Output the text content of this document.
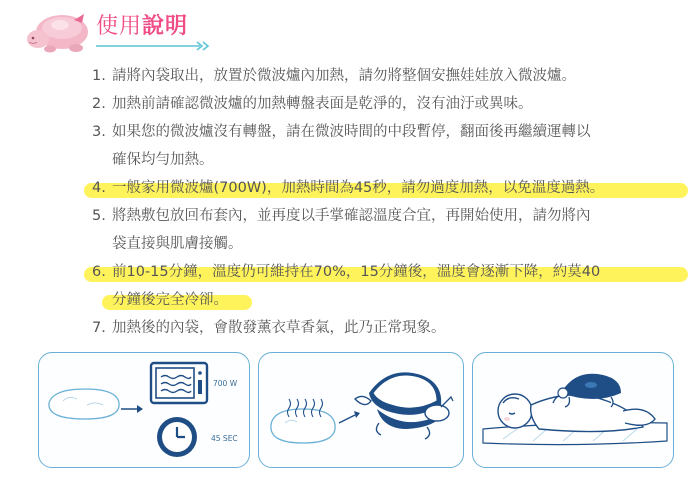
使用說明
1. 請將內袋取出，放置於微波爐內加熱，請勿將整個安撫娃娃放入微波爐。
2. 加熱前請確認微波爐的加熱轉盤表面是乾淨的，沒有油汙或異味。
3. 如果您的微波爐沒有轉盤，請在微波時間的中段暫停，翻面後再繼續運轉以
確保均勻加熱。
4. 一般家用微波爐(700W)，加熱時間為45秒，請勿過度加熱，以免溫度過熱。
5. 將熱敷包放回布套內，並再度以手掌確認溫度合宜，再開始使用，請勿將內
袋直接與肌膚接觸。
6. 前10-15分鐘，溫度仍可維持在70%，15分鐘後，溫度會逐漸下降，約莫40
分鐘後完全冷卻。
7. 加熱後的內袋，會散發薰衣草香氣，此乃正常現象。
700 W
45 SEC
